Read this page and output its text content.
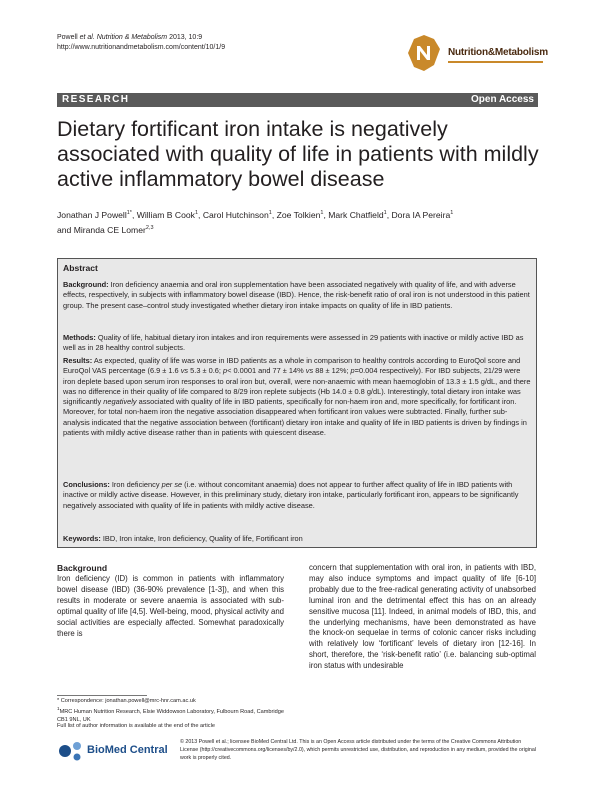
Powell et al. Nutrition & Metabolism 2013, 10:9
http://www.nutritionandmetabolism.com/content/10/1/9	Nutrition&Metabolism
RESEARCH	Open Access
Dietary fortificant iron intake is negatively associated with quality of life in patients with mildly active inflammatory bowel disease
Jonathan J Powell$^{1*}$, William B Cook$^1$, Carol Hutchinson$^1$, Zoe Tolkien$^1$, Mark Chatfield$^1$, Dora IA Pereira$^1$
and Miranda CE Lomer$^{2,3}$
Abstract
Background: Iron deficiency anaemia and oral iron supplementation have been associated negatively with quality of life, and with adverse effects, respectively, in subjects with inflammatory bowel disease (IBD). Hence, the risk-benefit ratio of oral iron is not understood in this patient group. The present case–control study investigated whether dietary iron intake impacts on quality of life in IBD patients.
Methods: Quality of life, habitual dietary iron intakes and iron requirements were assessed in 29 patients with inactive or mildly active IBD as well as in 28 healthy control subjects.
Results: As expected, quality of life was worse in IBD patients as a whole in comparison to healthy controls according to EuroQol score and EuroQol VAS percentage (6.9 ± 1.6 vs 5.3 ± 0.6; p< 0.0001 and 77 ± 14% vs 88 ± 12%; p=0.004 respectively). For IBD subjects, 21/29 were iron deplete based upon serum iron responses to oral iron but, overall, were non-anaemic with mean haemoglobin of 13.3 ± 1.5 g/dL, and there was no difference in their quality of life compared to 8/29 iron replete subjects (Hb 14.0 ± 0.8 g/dL). Interestingly, total dietary iron intake was significantly negatively associated with quality of life in IBD patients, specifically for non-haem iron and, more specifically, for fortificant iron. Moreover, for total non-haem iron the negative association disappeared when fortificant iron values were subtracted. Finally, further sub-analysis indicated that the negative association between (fortificant) dietary iron intake and quality of life in IBD patients is driven by findings in patients with mildly active disease rather than in patients with quiescent disease.
Conclusions: Iron deficiency per se (i.e. without concomitant anaemia) does not appear to further affect quality of life in IBD patients with inactive or mildly active disease. However, in this preliminary study, dietary iron intake, particularly fortificant iron, appears to be significantly negatively associated with quality of life in patients with mildly active disease.
Keywords: IBD, Iron intake, Iron deficiency, Quality of life, Fortificant iron
Background
Iron deficiency (ID) is common in patients with inflammatory bowel disease (IBD) (36-90% prevalence [1-3]), and when this results in moderate or severe anaemia is associated with sub-optimal quality of life [4,5]. Well-being, mood, physical activity and social activities are especially affected. Somewhat paradoxically there is
concern that supplementation with oral iron, in patients with IBD, may also induce symptoms and impact quality of life [6-10] probably due to the free-radical generating activity of unabsorbed luminal iron and the detrimental effect this has on an already sensitive mucosa [11]. Indeed, in animal models of IBD, this, and the underlying mechanisms, have been demonstrated as have the knock-on sequelae in terms of colonic cancer risks including with relatively low ‘fortificant’ levels of dietary iron [12-16]. In short, therefore, the ‘risk-benefit ratio’ (i.e. balancing sub-optimal iron status with undesirable
* Correspondence: jonathan.powell@mrc-hnr.cam.ac.uk
$^1$MRC Human Nutrition Research, Elsie Widdowson Laboratory, Fulbourn Road, Cambridge CB1 9NL, UK
Full list of author information is available at the end of the article
BioMed Central
© 2013 Powell et al.; licensee BioMed Central Ltd. This is an Open Access article distributed under the terms of the Creative Commons Attribution License (http://creativecommons.org/licenses/by/2.0), which permits unrestricted use, distribution, and reproduction in any medium, provided the original work is properly cited.
